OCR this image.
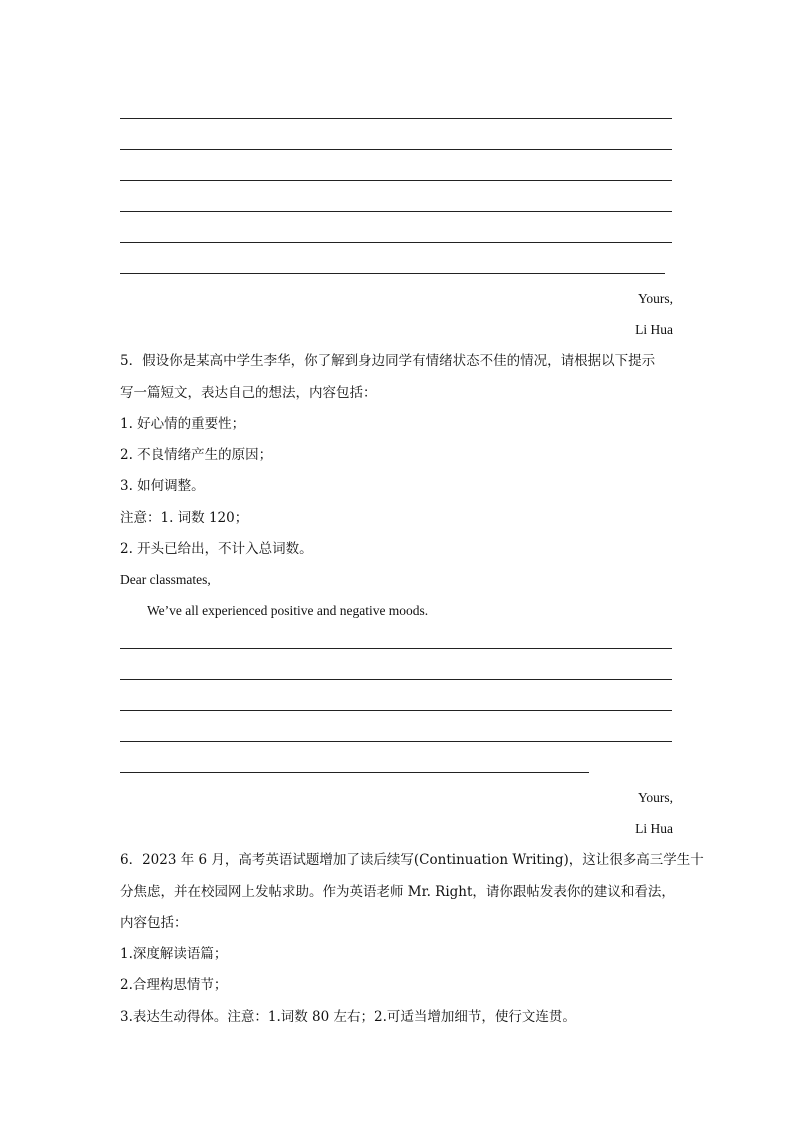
Yours,
Li Hua
5．假设你是某高中学生李华，你了解到身边同学有情绪状态不佳的情况，请根据以下提示
写一篇短文，表达自己的想法，内容包括：
1. 好心情的重要性；
2. 不良情绪产生的原因；
3. 如何调整。
注意：1. 词数 120；
2. 开头已给出，不计入总词数。
Dear classmates,
We’ve all experienced positive and negative moods.
Yours,
Li Hua
6．2023 年 6 月，高考英语试题增加了读后续写(Continuation Writing)，这让很多高三学生十
分焦虑，并在校园网上发帖求助。作为英语老师 Mr. Right，请你跟帖发表你的建议和看法，
内容包括：
1.深度解读语篇；
2.合理构思情节；
3.表达生动得体。注意：1.词数 80 左右；2.可适当增加细节，使行文连贯。
